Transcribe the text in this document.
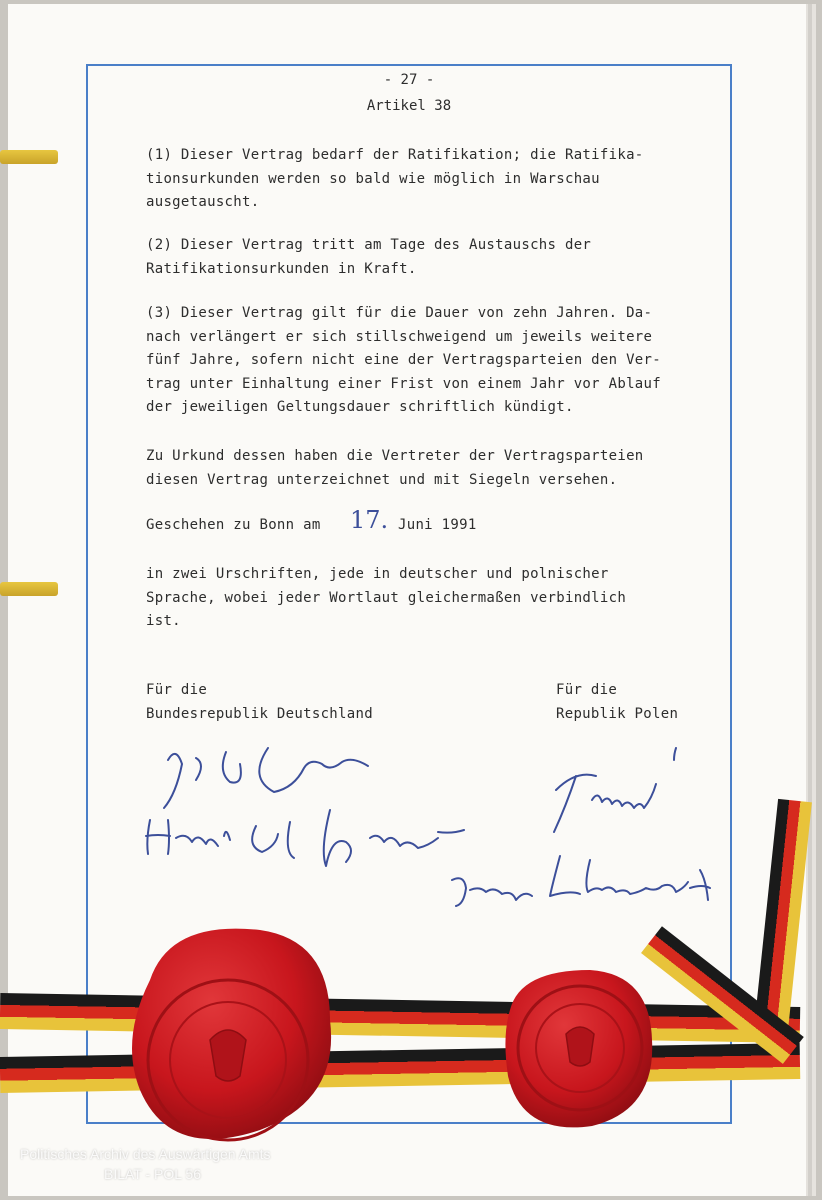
- 27 -
Artikel 38
(1) Dieser Vertrag bedarf der Ratifikation; die Ratifika-
tionsurkunden werden so bald wie möglich in Warschau
ausgetauscht.
(2) Dieser Vertrag tritt am Tage des Austauschs der
Ratifikationsurkunden in Kraft.
(3) Dieser Vertrag gilt für die Dauer von zehn Jahren. Da-
nach verlängert er sich stillschweigend um jeweils weitere
fünf Jahre, sofern nicht eine der Vertragsparteien den Ver-
trag unter Einhaltung einer Frist von einem Jahr vor Ablauf
der jeweiligen Geltungsdauer schriftlich kündigt.
Zu Urkund dessen haben die Vertreter der Vertragsparteien
diesen Vertrag unterzeichnet und mit Siegeln versehen.
Geschehen zu Bonn am 17. Juni 1991
in zwei Urschriften, jede in deutscher und polnischer
Sprache, wobei jeder Wortlaut gleichermaßen verbindlich
ist.
Für die
Bundesrepublik Deutschland
Für die
Republik Polen
Politisches Archiv des Auswärtigen Amts
BILAT - POL 56
